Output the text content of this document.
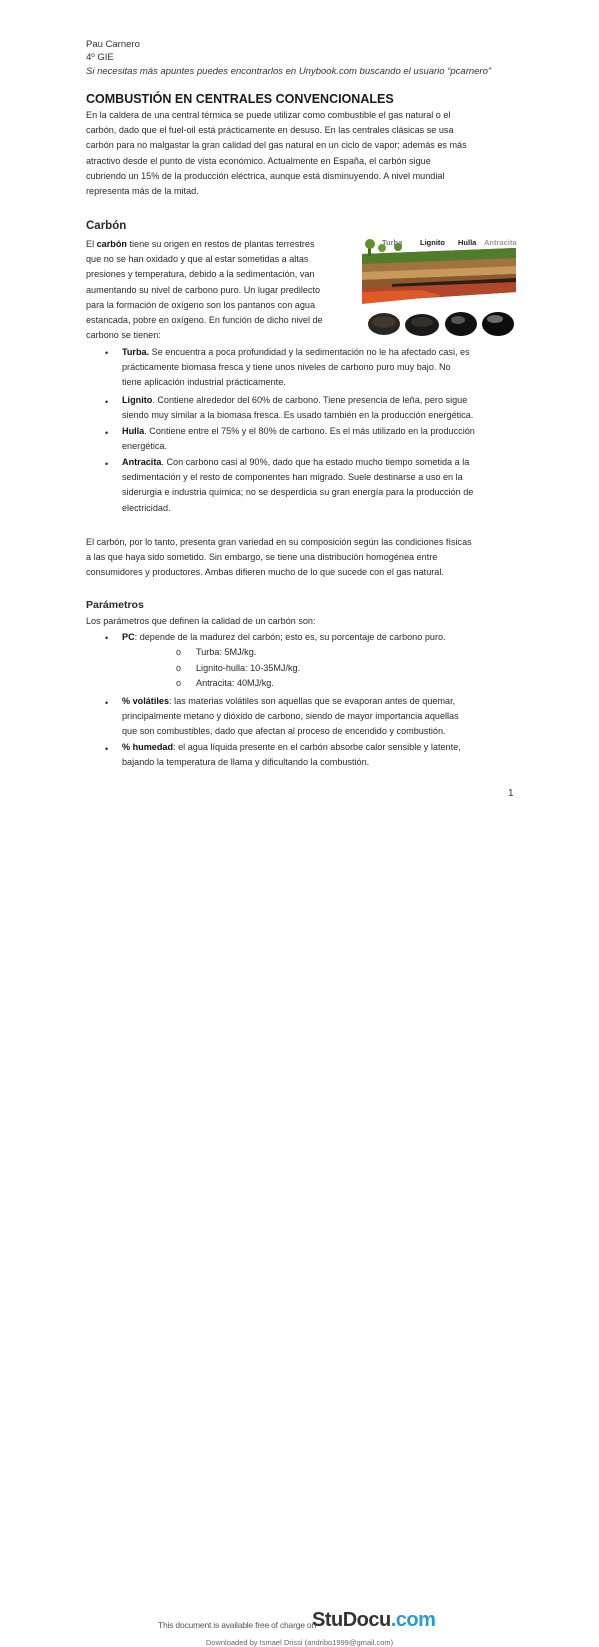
Pau Carnero
4º GIE
Si necesitas más apuntes puedes encontrarlos en Unybook.com buscando el usuario “pcarnero”
COMBUSTIÓN EN CENTRALES CONVENCIONALES
En la caldera de una central térmica se puede utilizar como combustible el gas natural o el
carbón, dado que el fuel-oil está prácticamente en desuso. En las centrales clásicas se usa
carbón para no malgastar la gran calidad del gas natural en un ciclo de vapor; además es más
atractivo desde el punto de vista económico. Actualmente en España, el carbón sigue
cubriendo un 15% de la producción eléctrica, aunque está disminuyendo. A nivel mundial
representa más de la mitad.
Carbón
El carbón tiene su origen en restos de plantas terrestres
que no se han oxidado y que al estar sometidas a altas
presiones y temperatura, debido a la sedimentación, van
aumentando su nivel de carbono puro. Un lugar predilecto
para la formación de oxígeno son los pantanos con agua
estancada, pobre en oxígeno. En función de dicho nivel de
carbono se tienen:
Turba Lignito Hulla Antracita
• Turba. Se encuentra a poca profundidad y la sedimentación no le ha afectado casi, es
prácticamente biomasa fresca y tiene unos niveles de carbono puro muy bajo. No
tiene aplicación industrial prácticamente.
• Lignito. Contiene alrededor del 60% de carbono. Tiene presencia de leña, pero sigue
siendo muy similar a la biomasa fresca. Es usado también en la producción energética.
• Hulla. Contiene entre el 75% y el 80% de carbono. Es el más utilizado en la producción
energética.
• Antracita. Con carbono casi al 90%, dado que ha estado mucho tiempo sometida a la
sedimentación y el resto de componentes han migrado. Suele destinarse a uso en la
siderurgia e industria química; no se desperdicia su gran energía para la producción de
electricidad.
El carbón, por lo tanto, presenta gran variedad en su composición según las condiciones físicas
a las que haya sido sometido. Sin embargo, se tiene una distribución homogénea entre
consumidores y productores. Ambas difieren mucho de lo que sucede con el gas natural.
Parámetros
Los parámetros que definen la calidad de un carbón son:
• PC: depende de la madurez del carbón; esto es, su porcentaje de carbono puro.
o Turba: 5MJ/kg.
o Lignito-hulla: 10-35MJ/kg.
o Antracita: 40MJ/kg.
• % volátiles: las materias volátiles son aquellas que se evaporan antes de quemar,
principalmente metano y dióxido de carbono, siendo de mayor importancia aquellas
que son combustibles, dado que afectan al proceso de encendido y combustión.
• % humedad: el agua líquida presente en el carbón absorbe calor sensible y latente,
bajando la temperatura de llama y dificultando la combustión.
1
This document is available free of charge on
StuDocu.com
Downloaded by Ismael Drissi (andribo1999@gmail.com)
